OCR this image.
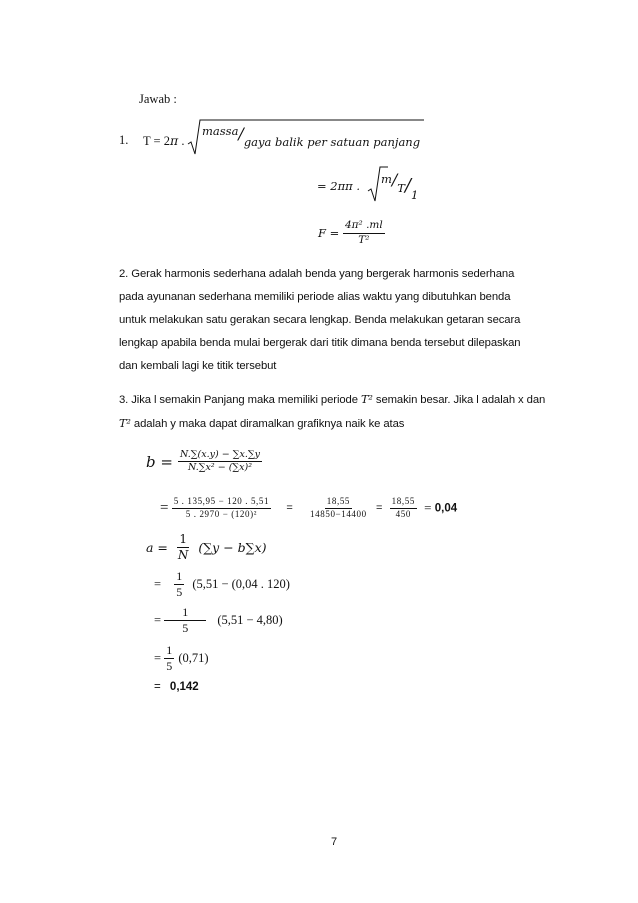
Jawab :
1. T = 2π .
massa/gaya balik per satuan panjang
= 2ππ . m/T/1
$F = \frac{\text{4π² .ml}}{\text{T²}}$
2. Gerak harmonis sederhana adalah benda yang bergerak harmonis sederhana pada ayunanan sederhana memiliki periode alias waktu yang dibutuhkan benda untuk melakukan satu gerakan secara lengkap. Benda melakukan getaran secara lengkap apabila benda mulai bergerak dari titik dimana benda tersebut dilepaskan dan kembali lagi ke titik tersebut
3. Jika l semakin Panjang maka memiliki periode T² semakin besar. Jika l adalah x dan T² adalah y maka dapat diramalkan grafiknya naik ke atas
$b = \frac{N.\sum(x.y) - \sum x.\sum y}{\text{N.∑x² − (∑x)²}}$
= $\frac{5 . 135,95 - 120 . 5,51}{\text{5 . 2970 − (120)²}} = \frac{18,55}{14850-14400} = \frac{18,55}{450} = 0,04$
$a = \frac{1}{N} (\sum y - b\sum x)$
= $\frac{1}{5} (5,51 - (0,04$ . 120)
= $\frac{1}{5} (5,51 - 4,80)$
= $\frac{1}{5} (0,71)$
= 0,142
7
